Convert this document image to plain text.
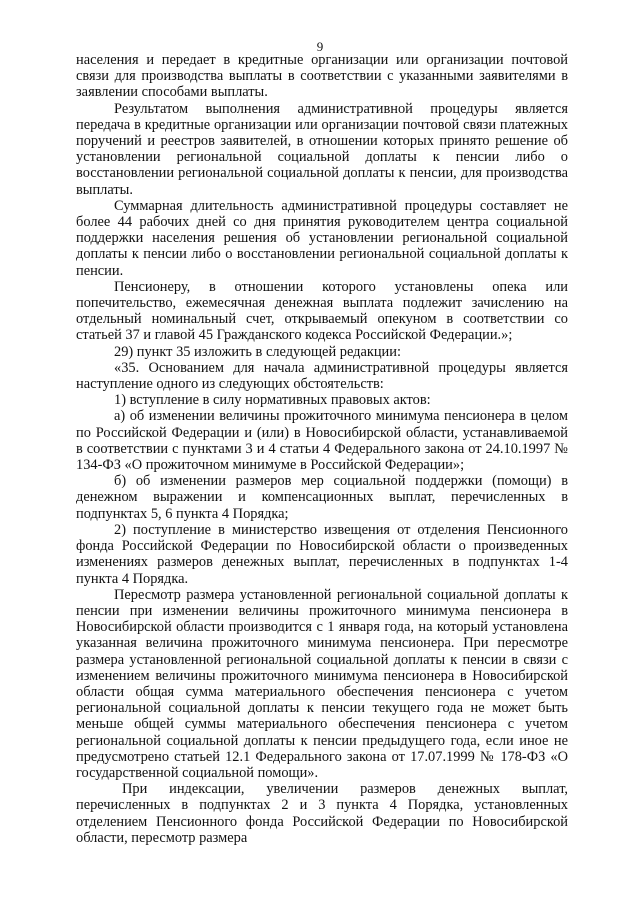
9

населения и передает в кредитные организации или организации почтовой связи для производства выплаты в соответствии с указанными заявителями в заявлении способами выплаты.

Результатом выполнения административной процедуры является передача в кредитные организации или организации почтовой связи платежных поручений и реестров заявителей, в отношении которых принято решение об установлении региональной социальной доплаты к пенсии либо о восстановлении региональной социальной доплаты к пенсии, для производства выплаты.

Суммарная длительность административной процедуры составляет не более 44 рабочих дней со дня принятия руководителем центра социальной поддержки населения решения об установлении региональной социальной доплаты к пенсии либо о восстановлении региональной социальной доплаты к пенсии.

Пенсионеру, в отношении которого установлены опека или попечительство, ежемесячная денежная выплата подлежит зачислению на отдельный номинальный счет, открываемый опекуном в соответствии со статьей 37 и главой 45 Гражданского кодекса Российской Федерации.»;

29) пункт 35 изложить в следующей редакции:

«35. Основанием для начала административной процедуры является наступление одного из следующих обстоятельств:

1) вступление в силу нормативных правовых актов:

а) об изменении величины прожиточного минимума пенсионера в целом по Российской Федерации и (или) в Новосибирской области, устанавливаемой в соответствии с пунктами 3 и 4 статьи 4 Федерального закона от 24.10.1997 № 134-ФЗ «О прожиточном минимуме в Российской Федерации»;

б) об изменении размеров мер социальной поддержки (помощи) в денежном выражении и компенсационных выплат, перечисленных в подпунктах 5, 6 пункта 4 Порядка;

2) поступление в министерство извещения от отделения Пенсионного фонда Российской Федерации по Новосибирской области о произведенных изменениях размеров денежных выплат, перечисленных в подпунктах 1-4 пункта 4 Порядка.

Пересмотр размера установленной региональной социальной доплаты к пенсии при изменении величины прожиточного минимума пенсионера в Новосибирской области производится с 1 января года, на который установлена указанная величина прожиточного минимума пенсионера. При пересмотре размера установленной региональной социальной доплаты к пенсии в связи с изменением величины прожиточного минимума пенсионера в Новосибирской области общая сумма материального обеспечения пенсионера с учетом региональной социальной доплаты к пенсии текущего года не может быть меньше общей суммы материального обеспечения пенсионера с учетом региональной социальной доплаты к пенсии предыдущего года, если иное не предусмотрено статьей 12.1 Федерального закона от 17.07.1999 № 178-ФЗ «О государственной социальной помощи».

При индексации, увеличении размеров денежных выплат, перечисленных в подпунктах 2 и 3 пункта 4 Порядка, установленных отделением Пенсионного фонда Российской Федерации по Новосибирской области, пересмотр размера
